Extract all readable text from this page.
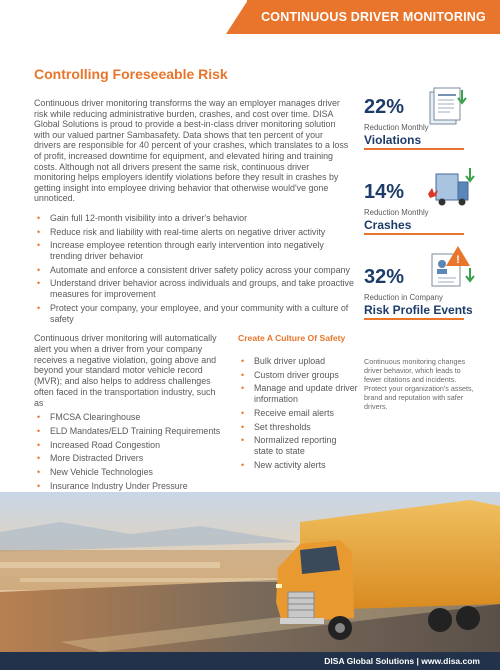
CONTINUOUS DRIVER MONITORING
Controlling Foreseeable Risk

Continuous driver monitoring transforms the way an employer manages driver risk while reducing administrative burden, crashes, and cost over time. DISA Global Solutions is proud to provide a best-in-class driver monitoring solution with our valued partner Sambasafety. Data shows that ten percent of your drivers are responsible for 40 percent of your crashes, which translates to a loss of profit, increased downtime for equipment, and elevated hiring and training costs. Although not all drivers present the same risk, continuous driver monitoring helps employers identify violations before they result in crashes by getting insight into employee driving behavior that otherwise would've gone unnoticed.

• Gain full 12-month visibility into a driver's behavior
• Reduce risk and liability with real-time alerts on negative driver activity
• Increase employee retention through early intervention into negatively trending driver behavior
• Automate and enforce a consistent driver safety policy across your company
• Understand driver behavior across individuals and groups, and take proactive measures for improvement
• Protect your company, your employee, and your community with a culture of safety

Continuous driver monitoring will automatically alert you when a driver from your company receives a negative violation, going above and beyond your standard motor vehicle record (MVR); and also helps to address challenges often faced in the transportation industry, such as

• FMCSA Clearinghouse
• ELD Mandates/ELD Training Requirements
• Increased Road Congestion
• More Distracted Drivers
• New Vehicle Technologies
• Insurance Industry Under Pressure
Create A Culture Of Safety
• Bulk driver upload
• Custom driver groups
• Manage and update driver information
• Receive email alerts
• Set thresholds
• Normalized reporting state to state
• New activity alerts
22%
Reduction Monthly
Violations
14%
Reduction Monthly
Crashes
32%
Reduction in Company
Risk Profile Events
!

Continuous monitoring changes driver behavior, which leads to fewer citations and incidents. Protect your organization's assets, brand and reputation with safer drivers.

DISA Global Solutions | www.disa.com
